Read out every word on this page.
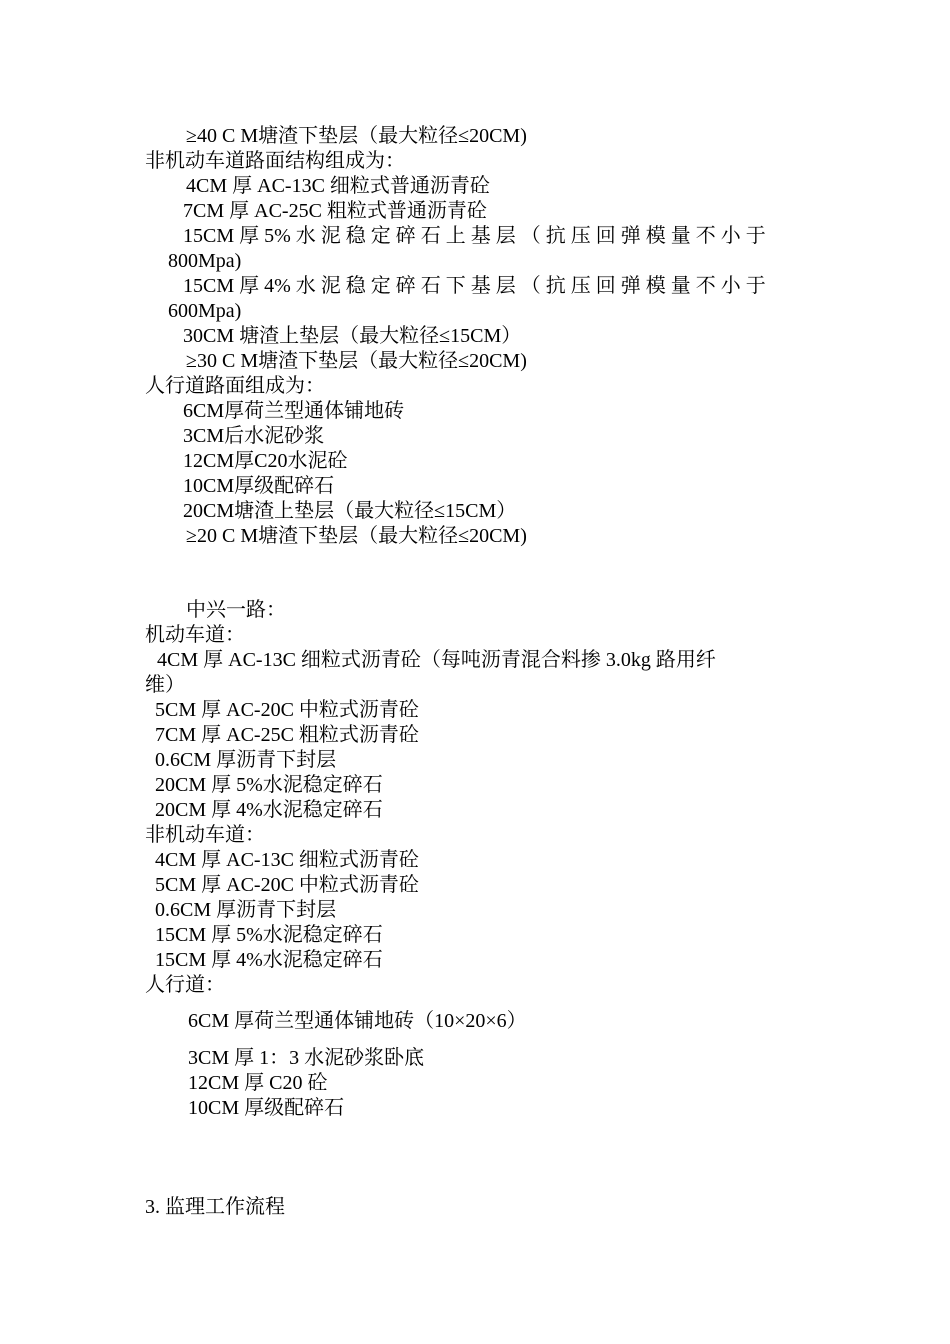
≥40 C M塘渣下垫层（最大粒径≤20CM)
非机动车道路面结构组成为：
4CM 厚 AC-13C 细粒式普通沥青砼
7CM 厚 AC-25C 粗粒式普通沥青砼
15CM 厚 5% 水 泥 稳 定 碎 石 上 基 层 （ 抗 压 回 弹 模 量 不 小 于
800Mpa)
15CM 厚 4% 水 泥 稳 定 碎 石 下 基 层 （ 抗 压 回 弹 模 量 不 小 于
600Mpa)
30CM 塘渣上垫层（最大粒径≤15CM）
≥30 C M塘渣下垫层（最大粒径≤20CM)
人行道路面组成为：
6CM厚荷兰型通体铺地砖
3CM后水泥砂浆
12CM厚C20水泥砼
10CM厚级配碎石
20CM塘渣上垫层（最大粒径≤15CM）
≥20 C M塘渣下垫层（最大粒径≤20CM)
中兴一路：
机动车道：
4CM 厚 AC-13C 细粒式沥青砼（每吨沥青混合料掺 3.0kg 路用纤
维）
5CM 厚 AC-20C 中粒式沥青砼
7CM 厚 AC-25C 粗粒式沥青砼
0.6CM 厚沥青下封层
20CM 厚 5%水泥稳定碎石
20CM 厚 4%水泥稳定碎石
非机动车道：
4CM 厚 AC-13C 细粒式沥青砼
5CM 厚 AC-20C 中粒式沥青砼
0.6CM 厚沥青下封层
15CM 厚 5%水泥稳定碎石
15CM 厚 4%水泥稳定碎石
人行道：
6CM 厚荷兰型通体铺地砖（10×20×6）
3CM 厚 1：3 水泥砂浆卧底
12CM 厚 C20 砼
10CM 厚级配碎石
3. 监理工作流程
